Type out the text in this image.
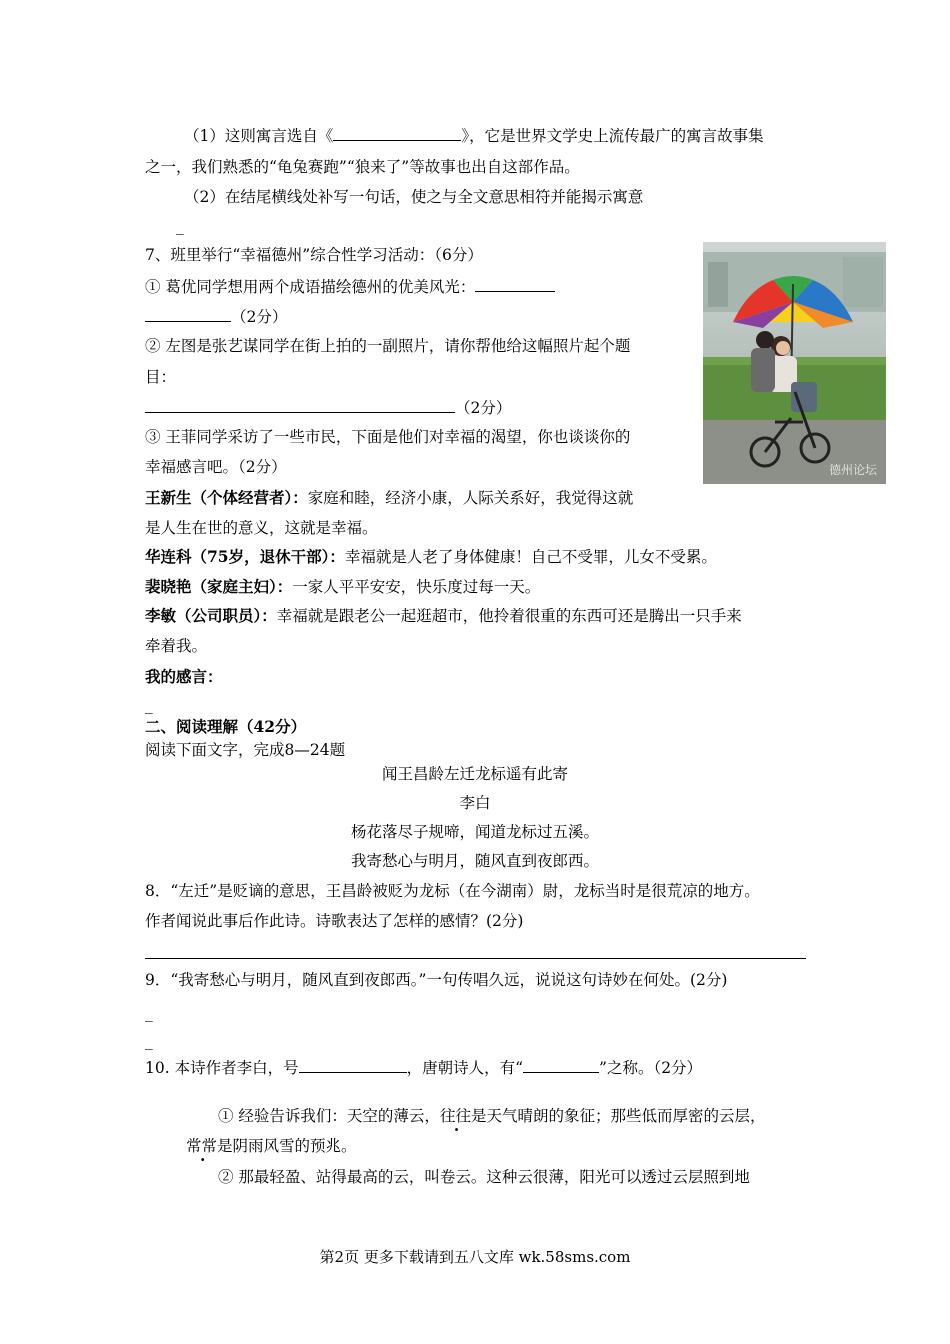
（1）这则寓言选自《	》，它是世界文学史上流传最广的寓言故事集
之一，我们熟悉的“龟兔赛跑”“狼来了”等故事也出自这部作品。
（2）在结尾横线处补写一句话，使之与全文意思相符并能揭示寓意
_
7、班里举行“幸福德州”综合性学习活动：（6分）
① 葛优同学想用两个成语描绘德州的优美风光：
（2分）
② 左图是张艺谋同学在街上拍的一副照片，请你帮他给这幅照片起个题
目：
（2分）
③ 王菲同学采访了一些市民，下面是他们对幸福的渴望，你也谈谈你的
幸福感言吧。（2分）
王新生（个体经营者）：家庭和睦，经济小康，人际关系好，我觉得这就
是人生在世的意义，这就是幸福。
华连科（75岁，退休干部）：幸福就是人老了身体健康！自己不受罪，儿女不受累。
裴晓艳（家庭主妇）：一家人平平安安，快乐度过每一天。
李敏（公司职员）：幸福就是跟老公一起逛超市，他拎着很重的东西可还是腾出一只手来
牵着我。
我的感言：
_
德州论坛
二、阅读理解（42分）
阅读下面文字，完成8—24题
闻王昌龄左迁龙标遥有此寄
李白
杨花落尽子规啼，闻道龙标过五溪。
我寄愁心与明月，随风直到夜郎西。
8．“左迁”是贬谪的意思，王昌龄被贬为龙标（在今湖南）尉，龙标当时是很荒凉的地方。
作者闻说此事后作此诗。诗歌表达了怎样的感情？(2分)
9．“我寄愁心与明月，随风直到夜郎西。”一句传唱久远，说说这句诗妙在何处。(2分)
_
_
10. 本诗作者李白，号	，唐朝诗人，有“	”之称。（2分）
① 经验告诉我们：天空的薄云，往往是天气晴朗的象征；那些低而厚密的云层，
常常是阴雨风雪的预兆。
② 那最轻盈、站得最高的云，叫卷云。这种云很薄，阳光可以透过云层照到地
第2页 更多下载请到五八文库 wk.58sms.com
